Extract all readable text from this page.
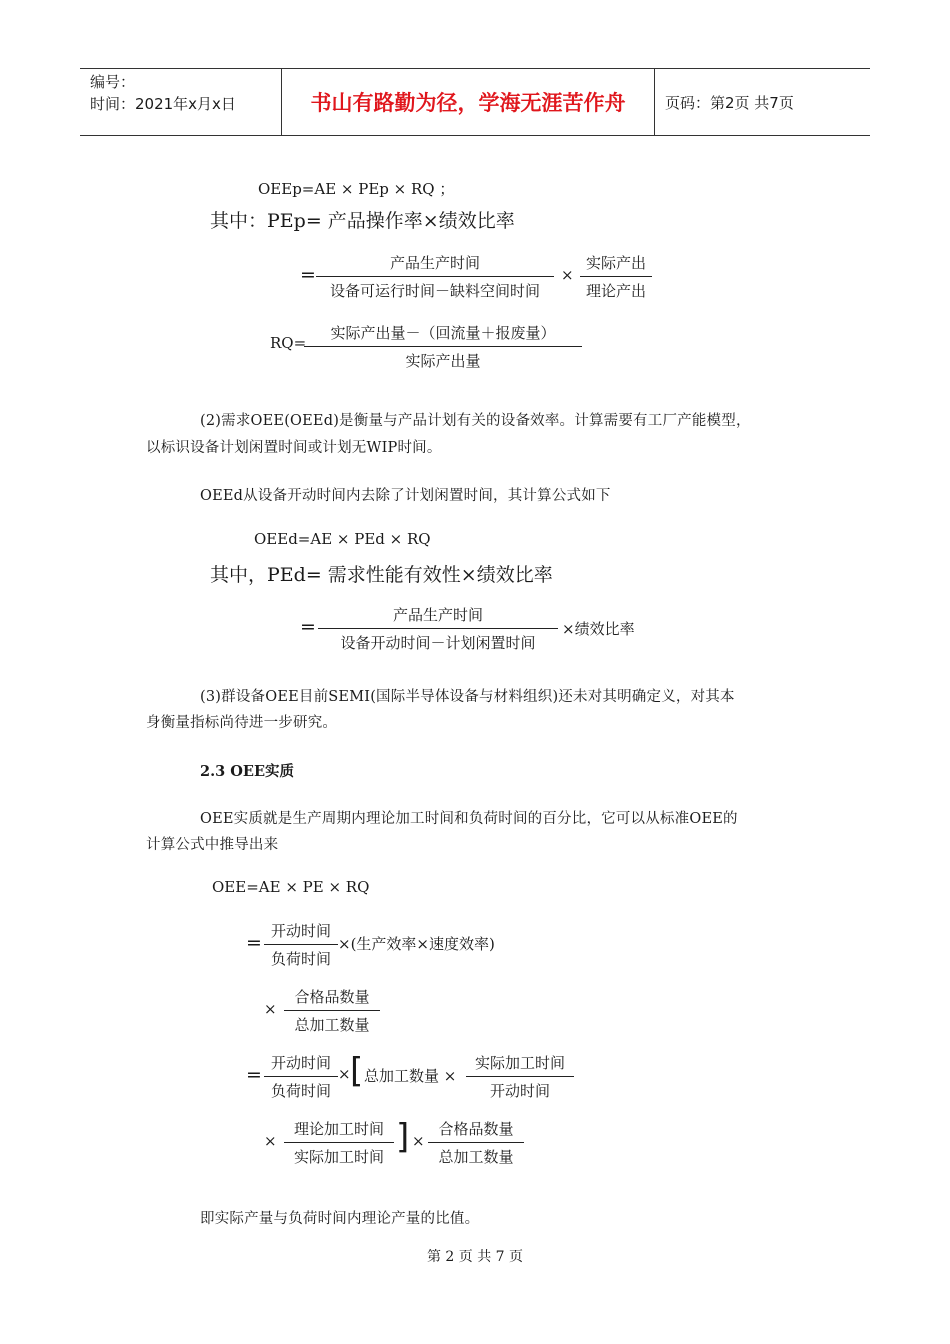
编号：
时间：2021年x月x日	书山有路勤为径，学海无涯苦作舟	页码：第2页 共7页
OEEp=AE × PEp × RQ ；
其中：PEp= 产品操作率×绩效比率
=
产品生产时间
设备可运行时间－缺料空间时间
×
实际产出
理论产出
RQ=
实际产出量－（回流量＋报废量）
实际产出量
(2)需求OEE(OEEd)是衡量与产品计划有关的设备效率。计算需要有工厂产能模型，
以标识设备计划闲置时间或计划无WIP时间。
OEEd从设备开动时间内去除了计划闲置时间，其计算公式如下
OEEd=AE × PEd × RQ
其中，PEd= 需求性能有效性×绩效比率
=
产品生产时间
设备开动时间－计划闲置时间
×绩效比率
(3)群设备OEE目前SEMI(国际半导体设备与材料组织)还未对其明确定义，对其本
身衡量指标尚待进一步研究。
2.3 OEE实质
OEE实质就是生产周期内理论加工时间和负荷时间的百分比，它可以从标准OEE的
计算公式中推导出来
OEE=AE × PE × RQ
=
开动时间
负荷时间
×(生产效率×速度效率)
×
合格品数量
总加工数量
=
开动时间
负荷时间
× [ 总加工数量 ×
实际加工时间
开动时间
×
理论加工时间
实际加工时间 ] ×
合格品数量
总加工数量
即实际产量与负荷时间内理论产量的比值。
第 2 页 共 7 页
